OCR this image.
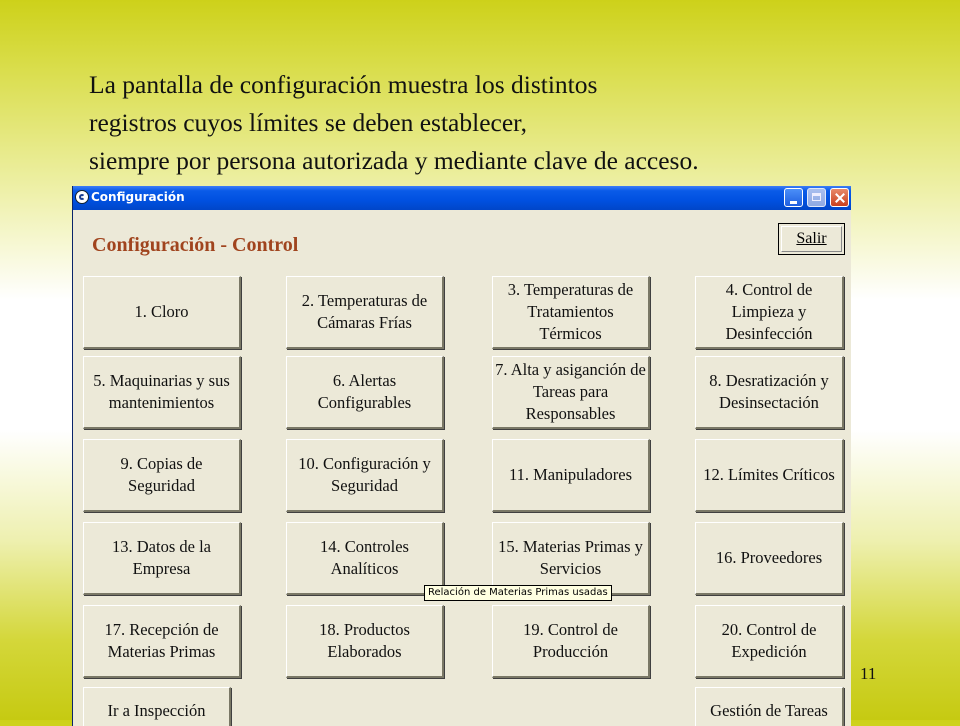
La pantalla de configuración muestra los distintos
registros cuyos límites se deben establecer,
siempre por persona autorizada y mediante clave de acceso.
Configuración
Configuración - Control	Salir
1. Cloro
2. Temperaturas de Cámaras Frías
3. Temperaturas de Tratamientos Térmicos
4. Control de Limpieza y Desinfección
5. Maquinarias y sus mantenimientos
6. Alertas Configurables
7. Alta y asiganción de Tareas para Responsables
8. Desratización y Desinsectación
9. Copias de Seguridad
10. Configuración y Seguridad
11. Manipuladores	12. Límites Críticos
13. Datos de la Empresa
14. Controles Analíticos
15. Materias Primas y Servicios
16. Proveedores
17. Recepción de Materias Primas
18. Productos Elaborados
19. Control de Producción
20. Control de Expedición
Ir a Inspección	Gestión de Tareas
Relación de Materias Primas usadas
11
